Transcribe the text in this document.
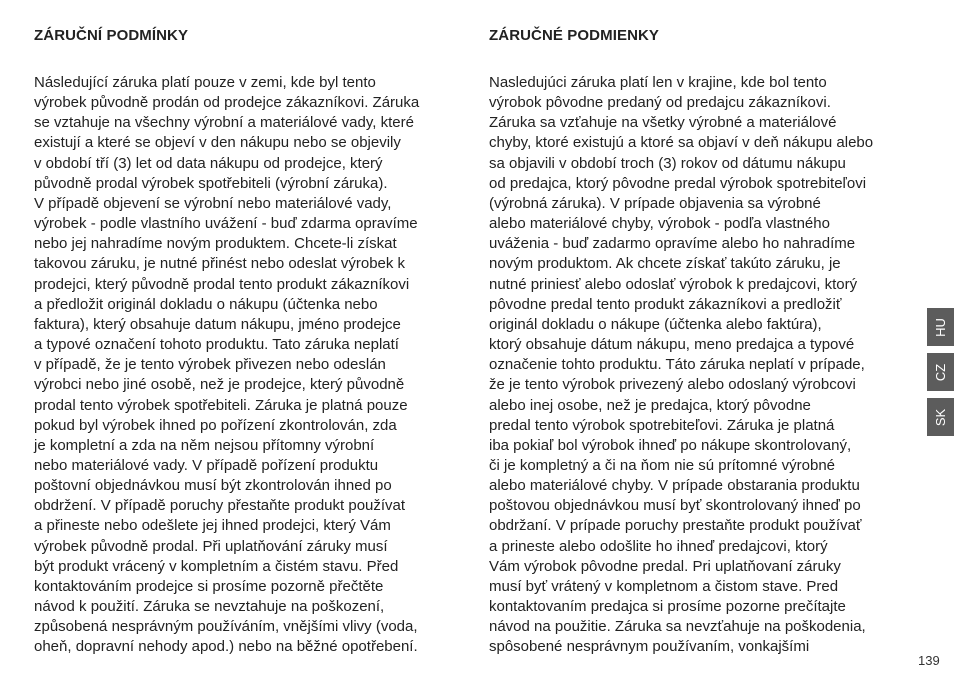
ZÁRUČNÍ PODMÍNKY
Následující záruka platí pouze v zemi, kde byl tento
výrobek původně prodán od prodejce zákazníkovi. Záruka
se vztahuje na všechny výrobní a materiálové vady, které
existují a které se objeví v den nákupu nebo se objevily
v období tří (3) let od data nákupu od prodejce, který
původně prodal výrobek spotřebiteli (výrobní záruka).
V případě objevení se výrobní nebo materiálové vady,
výrobek - podle vlastního uvážení - buď zdarma opravíme
nebo jej nahradíme novým produktem. Chcete-li získat
takovou záruku, je nutné přinést nebo odeslat výrobek k
prodejci, který původně prodal tento produkt zákazníkovi
a předložit originál dokladu o nákupu (účtenka nebo
faktura), který obsahuje datum nákupu, jméno prodejce
a typové označení tohoto produktu. Tato záruka neplatí
v případě, že je tento výrobek přivezen nebo odeslán
výrobci nebo jiné osobě, než je prodejce, který původně
prodal tento výrobek spotřebiteli. Záruka je platná pouze
pokud byl výrobek ihned po pořízení zkontrolován, zda
je kompletní a zda na něm nejsou přítomny výrobní
nebo materiálové vady. V případě pořízení produktu
poštovní objednávkou musí být zkontrolován ihned po
obdržení. V případě poruchy přestaňte produkt používat
a přineste nebo odešlete jej ihned prodejci, který Vám
výrobek původně prodal. Při uplatňování záruky musí
být produkt vrácený v kompletním a čistém stavu. Před
kontaktováním prodejce si prosíme pozorně přečtěte
návod k použití. Záruka se nevztahuje na poškození,
způsobená nesprávným používáním, vnějšími vlivy (voda,
oheň, dopravní nehody apod.) nebo na běžné opotřebení.
ZÁRUČNÉ PODMIENKY
Nasledujúci záruka platí len v krajine, kde bol tento
výrobok pôvodne predaný od predajcu zákazníkovi.
Záruka sa vzťahuje na všetky výrobné a materiálové
chyby, ktoré existujú a ktoré sa objaví v deň nákupu alebo
sa objavili v období troch (3) rokov od dátumu nákupu
od predajca, ktorý pôvodne predal výrobok spotrebiteľovi
(výrobná záruka). V prípade objavenia sa výrobné
alebo materiálové chyby, výrobok - podľa vlastného
uváženia - buď zadarmo opravíme alebo ho nahradíme
novým produktom. Ak chcete získať takúto záruku, je
nutné priniesť alebo odoslať výrobok k predajcovi, ktorý
pôvodne predal tento produkt zákazníkovi a predložiť
originál dokladu o nákupe (účtenka alebo faktúra),
ktorý obsahuje dátum nákupu, meno predajca a typové
označenie tohto produktu. Táto záruka neplatí v prípade,
že je tento výrobok privezený alebo odoslaný výrobcovi
alebo inej osobe, než je predajca, ktorý pôvodne
predal tento výrobok spotrebiteľovi. Záruka je platná
iba pokiaľ bol výrobok ihneď po nákupe skontrolovaný,
či je kompletný a či na ňom nie sú prítomné výrobné
alebo materiálové chyby. V prípade obstarania produktu
poštovou objednávkou musí byť skontrolovaný ihneď po
obdržaní. V prípade poruchy prestaňte produkt používať
a prineste alebo odošlite ho ihneď predajcovi, ktorý
Vám výrobok pôvodne predal. Pri uplatňovaní záruky
musí byť vrátený v kompletnom a čistom stave. Pred
kontaktovaním predajca si prosíme pozorne prečítajte
návod na použitie. Záruka sa nevzťahuje na poškodenia,
spôsobené nesprávnym používaním, vonkajšími
HU
CZ
SK
139
